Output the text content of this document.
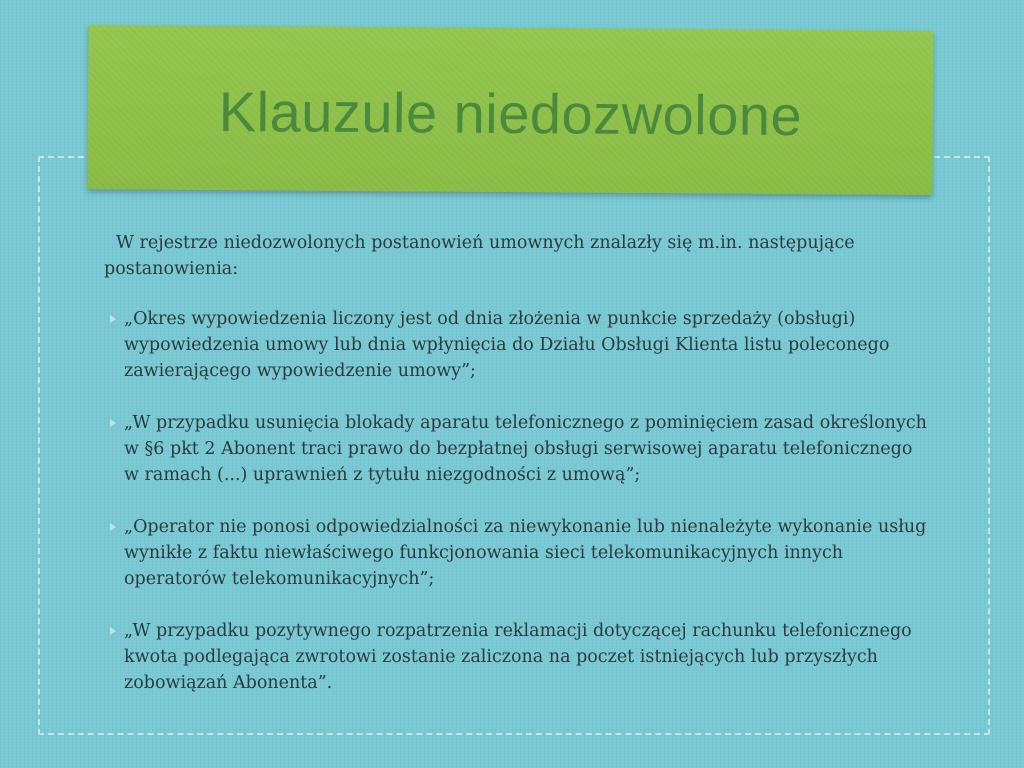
Klauzule niedozwolone

W rejestrze niedozwolonych postanowień umownych znalazły się m.in. następujące postanowienia:

„Okres wypowiedzenia liczony jest od dnia złożenia w punkcie sprzedaży (obsługi) wypowiedzenia umowy lub dnia wpłynięcia do Działu Obsługi Klienta listu poleconego zawierającego wypowiedzenie umowy”;
„W przypadku usunięcia blokady aparatu telefonicznego z pominięciem zasad określonych w §6 pkt 2 Abonent traci prawo do bezpłatnej obsługi serwisowej aparatu telefonicznego w ramach (...) uprawnień z tytułu niezgodności z umową”;
„Operator nie ponosi odpowiedzialności za niewykonanie lub nienależyte wykonanie usług wynikłe z faktu niewłaściwego funkcjonowania sieci telekomunikacyjnych innych operatorów telekomunikacyjnych”;
„W przypadku pozytywnego rozpatrzenia reklamacji dotyczącej rachunku telefonicznego kwota podlegająca zwrotowi zostanie zaliczona na poczet istniejących lub przyszłych zobowiązań Abonenta”.
